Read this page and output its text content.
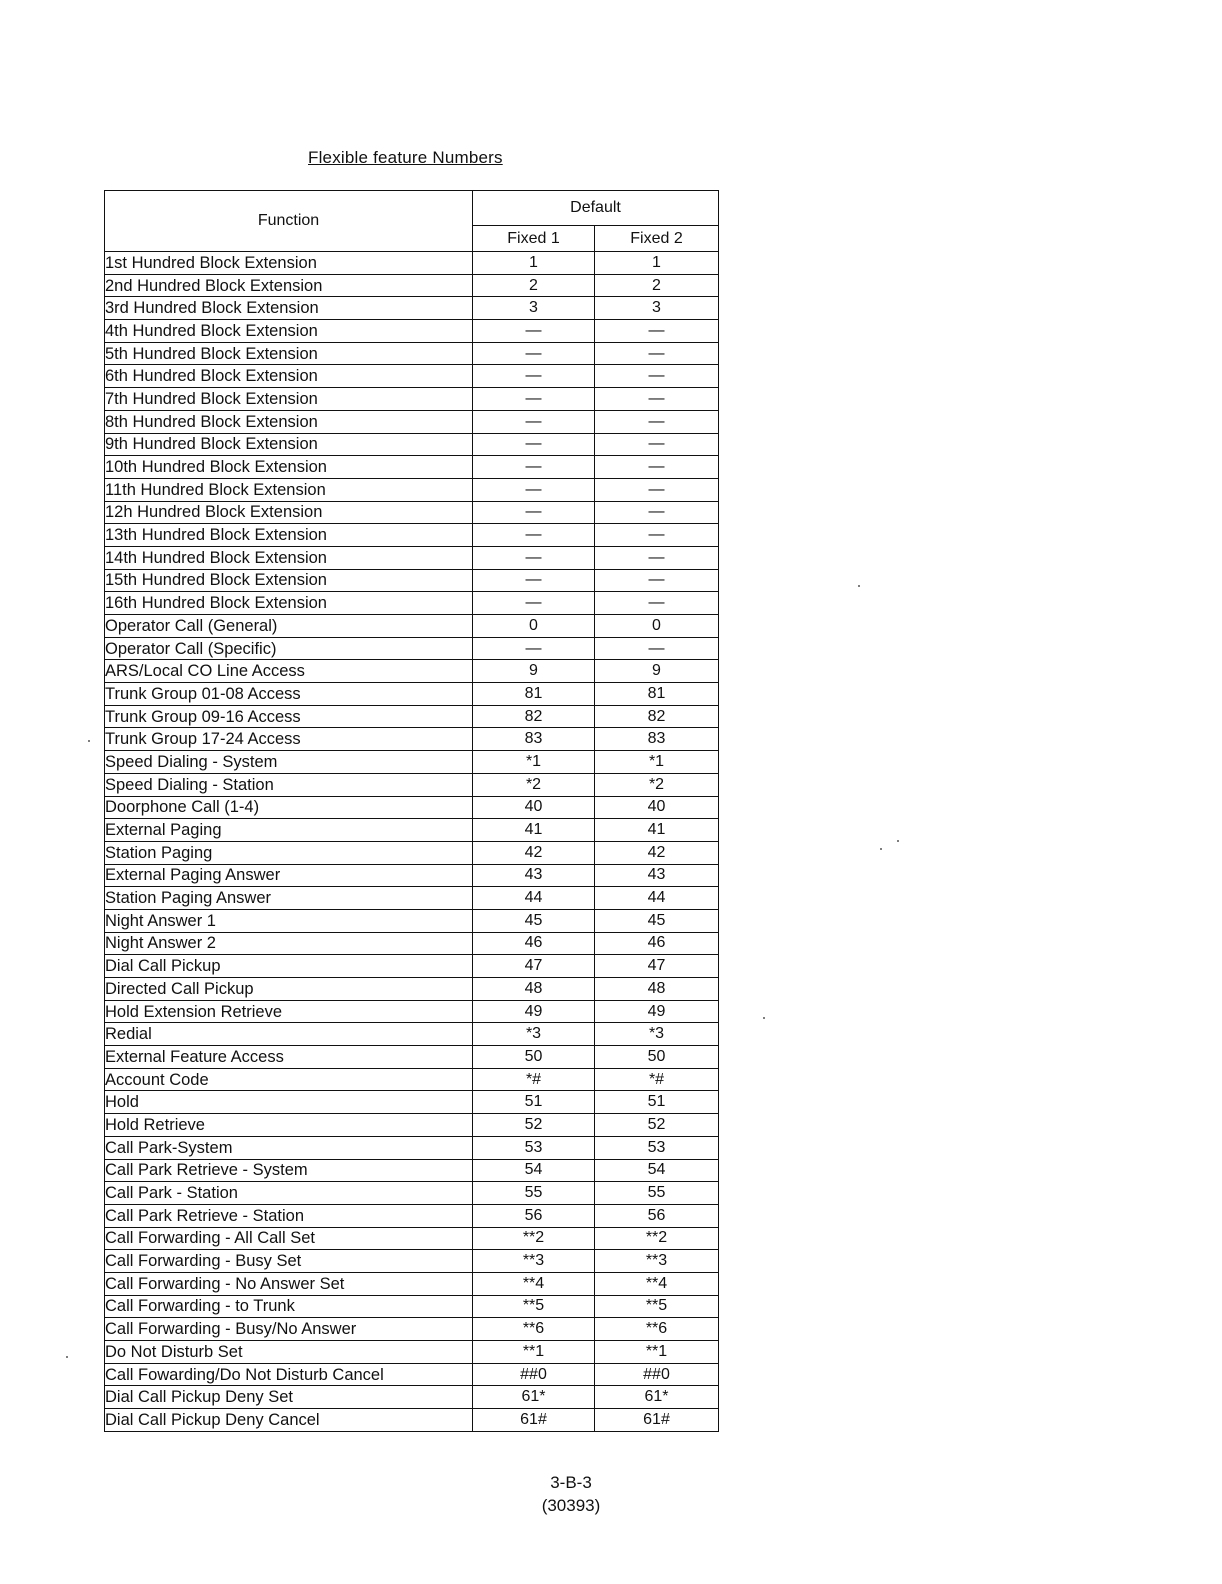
Flexible feature Numbers
Function	Default	
	Fixed 1	Fixed 2
1st Hundred Block Extension	1	1
2nd Hundred Block Extension	2	2
3rd Hundred Block Extension	3	3
4th Hundred Block Extension	—	—
5th Hundred Block Extension	—	—
6th Hundred Block Extension	—	—
7th Hundred Block Extension	—	—
8th Hundred Block Extension	—	—
9th Hundred Block Extension	—	—
10th Hundred Block Extension	—	—
11th Hundred Block Extension	—	—
12h Hundred Block Extension	—	—
13th Hundred Block Extension	—	—
14th Hundred Block Extension	—	—
15th Hundred Block Extension	—	—
16th Hundred Block Extension	—	—
Operator Call (General)	0	0
Operator Call (Specific)	—	—
ARS/Local CO Line Access	9	9
Trunk Group 01-08 Access	81	81
Trunk Group 09-16 Access	82	82
Trunk Group 17-24 Access	83	83
Speed Dialing - System	*1	*1
Speed Dialing - Station	*2	*2
Doorphone Call (1-4)	40	40
External Paging	41	41
Station Paging	42	42
External Paging Answer	43	43
Station Paging Answer	44	44
Night Answer 1	45	45
Night Answer 2	46	46
Dial Call Pickup	47	47
Directed Call Pickup	48	48
Hold Extension Retrieve	49	49
Redial	*3	*3
External Feature Access	50	50
Account Code	*#	*#
Hold	51	51
Hold Retrieve	52	52
Call Park-System	53	53
Call Park Retrieve - System	54	54
Call Park - Station	55	55
Call Park Retrieve - Station	56	56
Call Forwarding - All Call Set	**2	**2
Call Forwarding - Busy Set	**3	**3
Call Forwarding - No Answer Set	**4	**4
Call Forwarding - to Trunk	**5	**5
Call Forwarding - Busy/No Answer	**6	**6
Do Not Disturb Set	**1	**1
Call Fowarding/Do Not Disturb Cancel	##0	##0
Dial Call Pickup Deny Set	61*	61*
Dial Call Pickup Deny Cancel	61#	61#
3-B-3
(30393)
